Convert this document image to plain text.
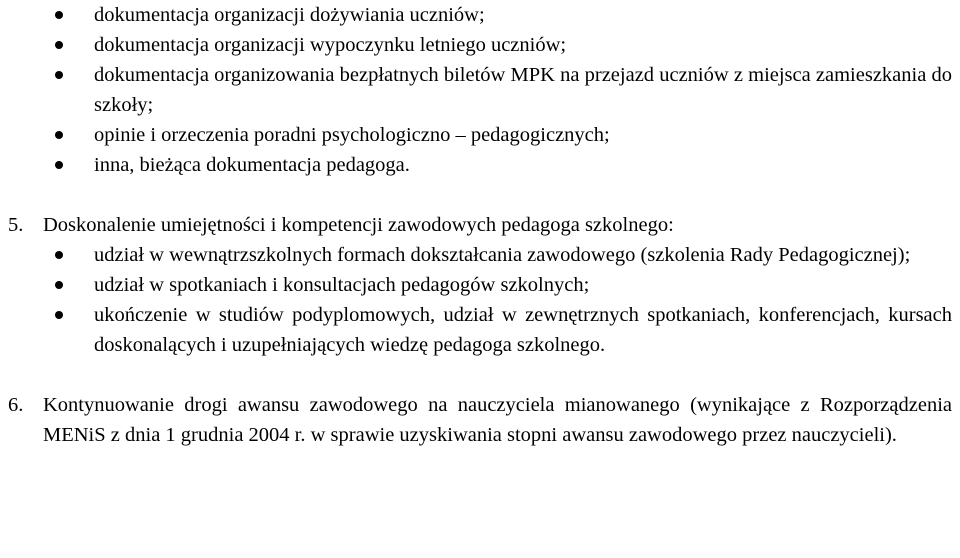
dokumentacja organizacji dożywiania uczniów;
dokumentacja organizacji wypoczynku letniego uczniów;
dokumentacja organizowania bezpłatnych biletów MPK na przejazd uczniów z miejsca zamieszkania do szkoły;
opinie i orzeczenia poradni psychologiczno – pedagogicznych;
inna, bieżąca dokumentacja pedagoga.
5. Doskonalenie umiejętności i kompetencji zawodowych pedagoga szkolnego:
udział w wewnątrzszkolnych formach dokształcania zawodowego (szkolenia Rady Pedagogicznej);
udział w spotkaniach i konsultacjach pedagogów szkolnych;
ukończenie w studiów podyplomowych, udział w zewnętrznych spotkaniach, konferencjach, kursach doskonalących i uzupełniających wiedzę pedagoga szkolnego.
6. Kontynuowanie drogi awansu zawodowego na nauczyciela mianowanego (wynikające z Rozporządzenia MENiS z dnia 1 grudnia 2004 r. w sprawie uzyskiwania stopni awansu zawodowego przez nauczycieli).
